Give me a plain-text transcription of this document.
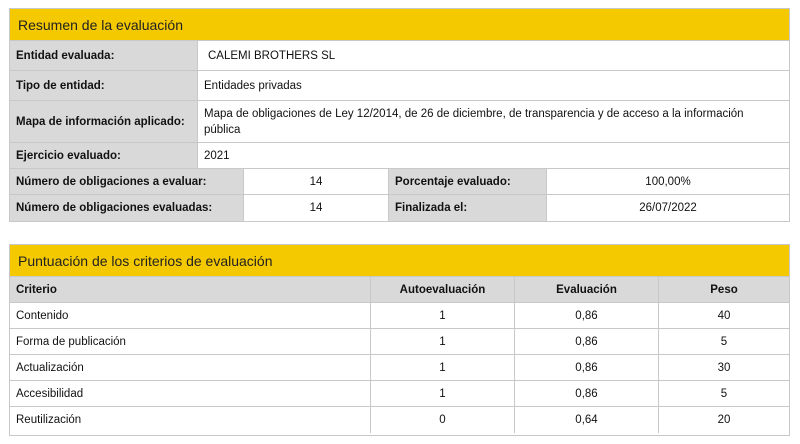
Resumen de la evaluación
Entidad evaluada:	CALEMI BROTHERS SL
Tipo de entidad:	Entidades privadas
Mapa de información aplicado:
Mapa de obligaciones de Ley 12/2014, de 26 de diciembre, de transparencia y de acceso a la información pública
Ejercicio evaluado:	2021
Número de obligaciones a evaluar:	14	Porcentaje evaluado:	100,00%
Número de obligaciones evaluadas:	14	Finalizada el:	26/07/2022
Puntuación de los criterios de evaluación
Criterio	Autoevaluación	Evaluación	Peso
Contenido	1	0,86	40
Forma de publicación	1	0,86	5
Actualización	1	0,86	30
Accesibilidad	1	0,86	5
Reutilización	0	0,64	20
